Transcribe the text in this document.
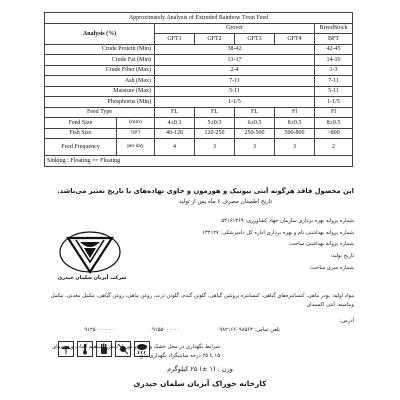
Approximately Analysis of Extruded Rainbow Trout Feed						
Analysis (%)		Grover				BreedStock
		GFT1	GFT2	GFT3	GFT4	BFT
Crude Protein (Min)		38-42				42-45
Crude Fat (Min)		13-17				14-16
Crude Fiber (Max)		2-4				1-3
Ash (Max)		7-11				7-11
Maisture (Max)		5-11				5-11
Phosphorus (Min)		1-1/5				1-1/5
Feed Type		FL	FL	FL	Fl	Fl
Feed Size	(mm)	4±0.3	5±0/3	6±0.5	8±0.5	8±0.5
Fish Size	(gr)	40-120	120-250	250-500	500-800	>800
Feed Frequency	per day	4	3	3	3	2
Sinking : Floating == Floating						
این محصول فاقد هرگونه آنتی بیوتیک و هورمون و حاوی نهاده‌های با تاریخ نعتبر می‌باشد.
تاریخ اطمینان مصرف ۶ ماه پس از تولید
شماره پروانه بهره برداری سازمان جهاد کشاورزی: ۵۴۱۶۱۳۶۹
شماره پروانه بهداشتی نام و بهره برداری اداره کل دامپزشکی: ۱۳۲۱۲۷
شماره پروانه بهداشتی ساخت:
تاریخ تولید:
شماره سری ساخت:
شرکت آبزیان سلمان حیدری
مواد اولیه: پودر ماهی، کنسانتره‌های گیاهی، کنسانتره پروتئین گیاهی، گلوتن گندم، گلوتن ذرت، روغن ماهی، روغن گیاهی، مکمل معدنی، مکمل ویتامینه، آنتی اکسیدان
آدرس:
تلفن تماس: ۰۹۸۲۱۶۶۰۹۸۵۶۳
۰۹۱۵۵۰۰۰۰۰۰
۹۱۲۵۰۰۰۰۰۰۰
شرایط نگهداری در محل خشک و خنک و دور از تابش مستقیم آفتاب و در دمای ۱۵ تا ۲۵ درجه سانتیگراد نگهداری شود
وزن : (۱ ±) ۲۵ کیلوگرم
کارخانه خوراک آبزیان سلمان حیدری
